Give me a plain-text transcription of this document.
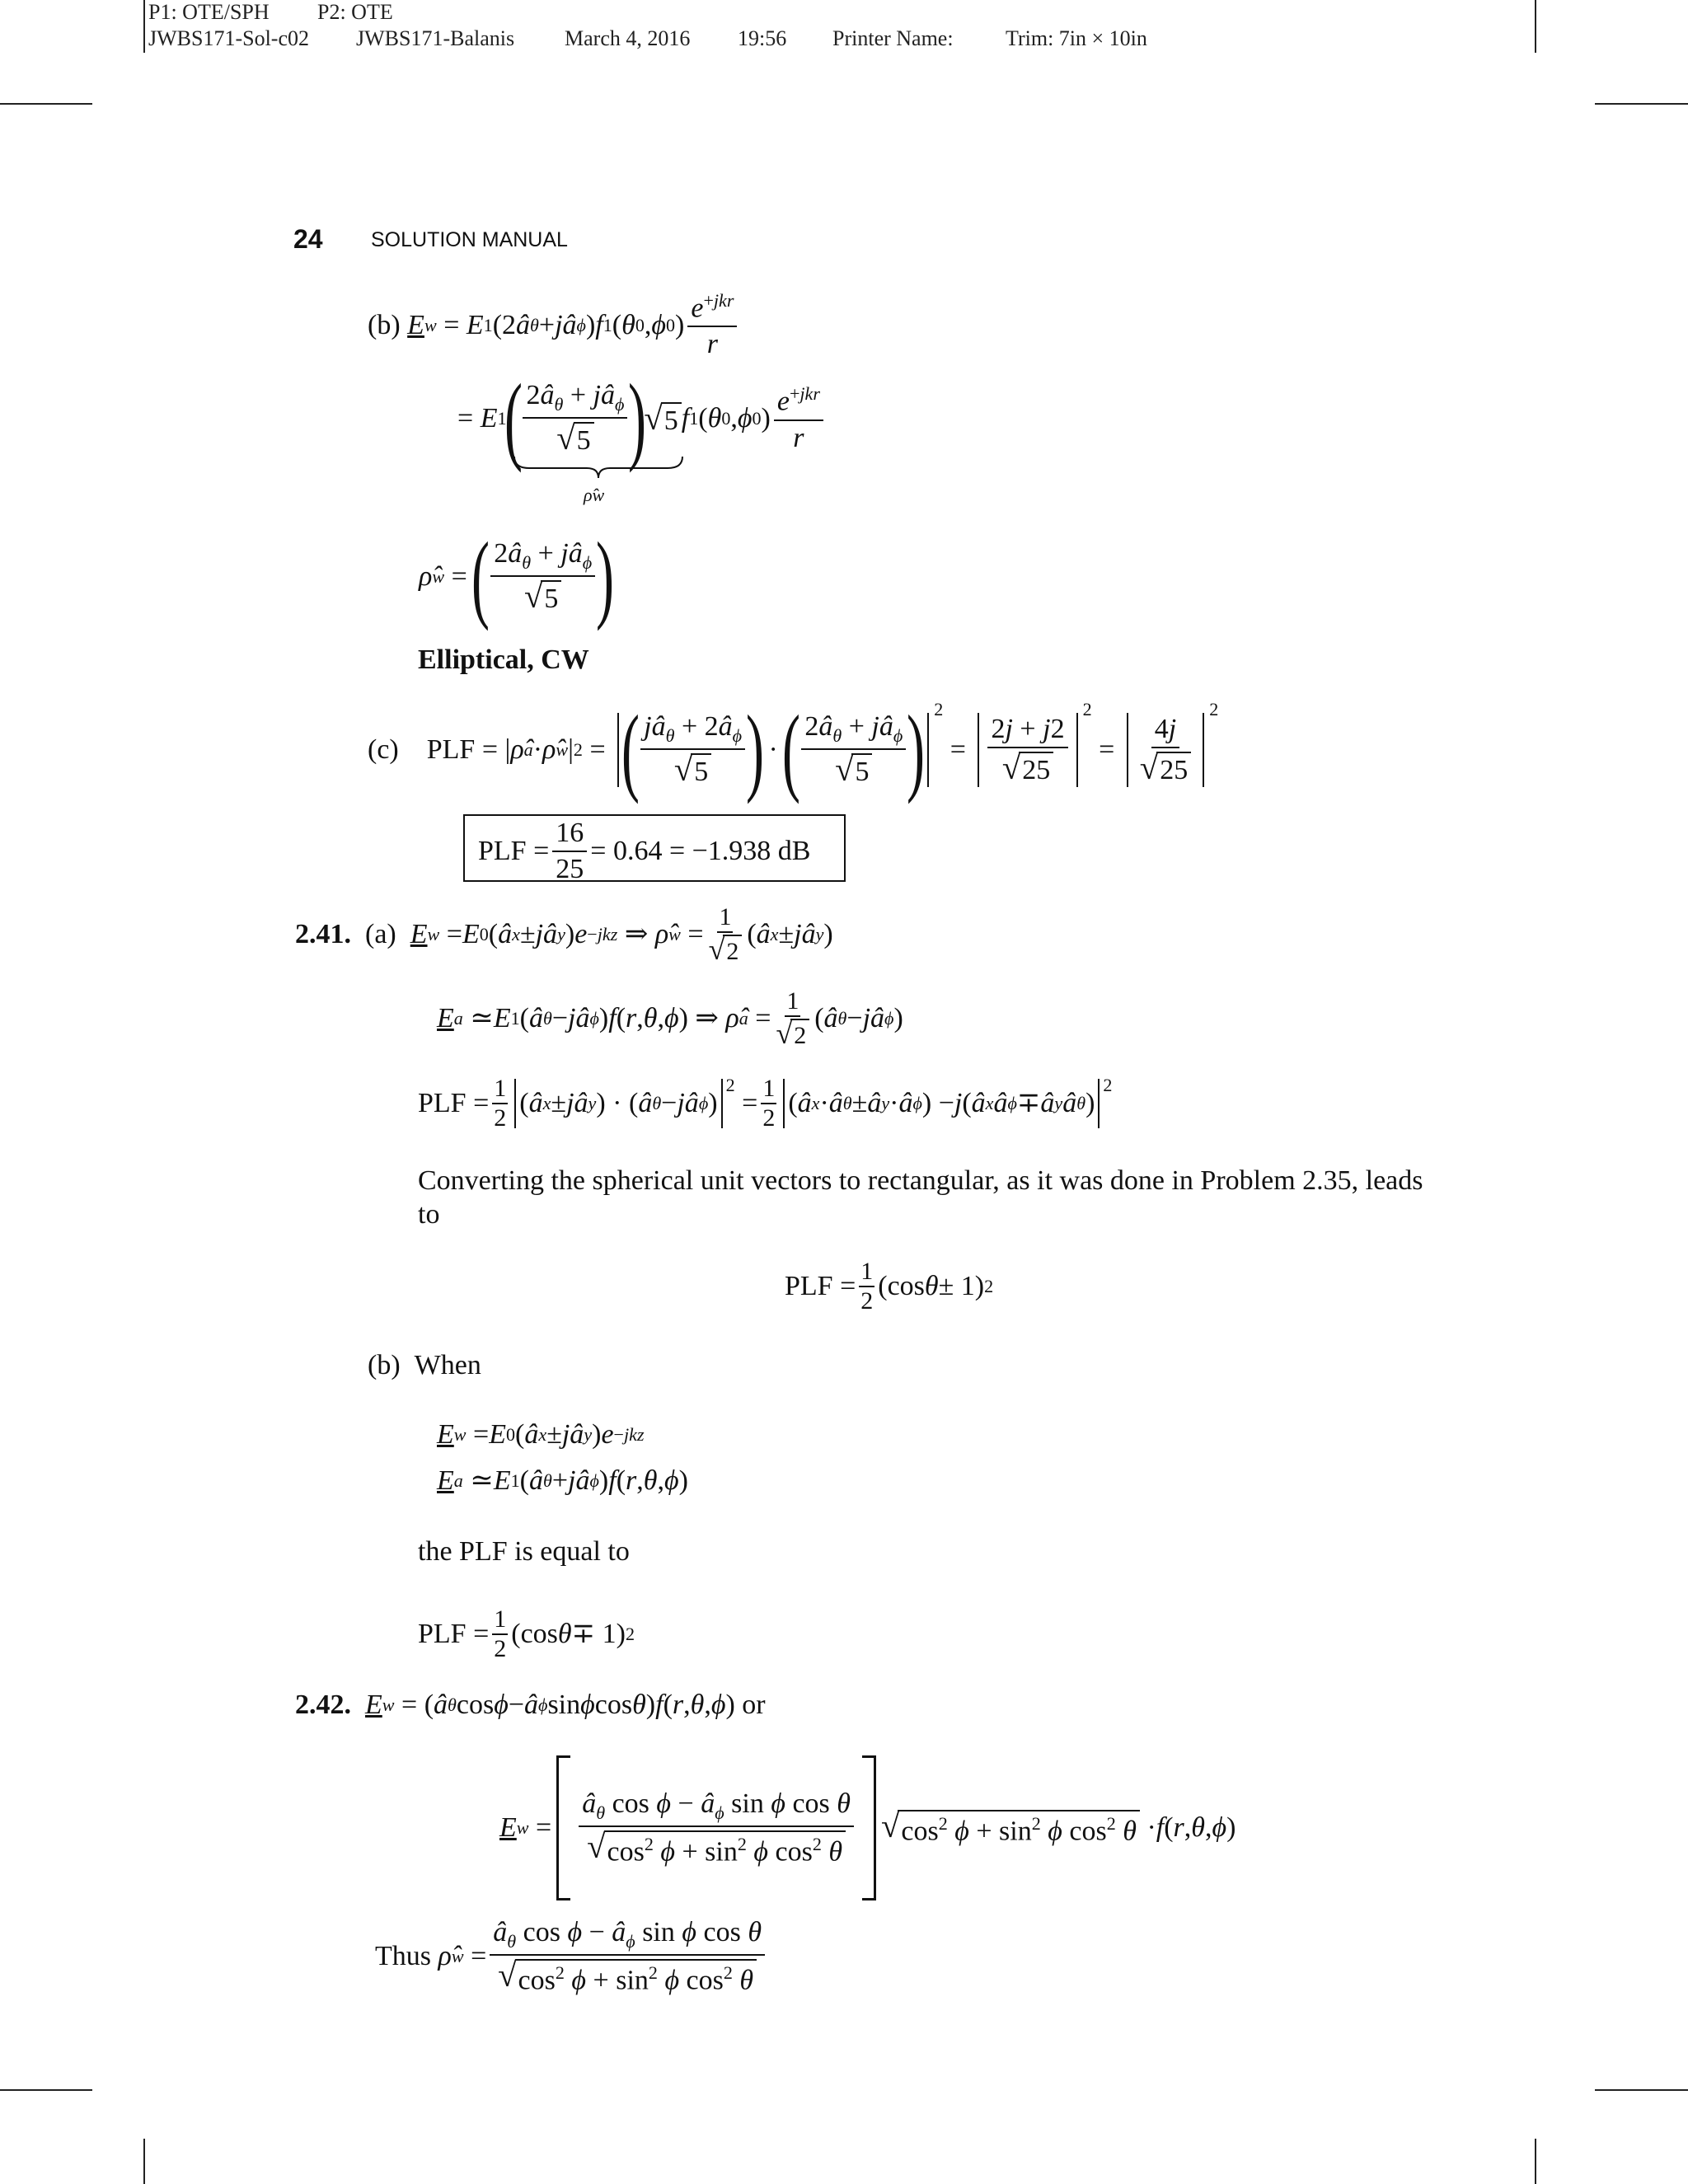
P1: OTE/SPH P2: OTE
JWBS171-Sol-c02 JWBS171-Balanis March 4, 2016 19:56 Printer Name: Trim: 7in × 10in
24 SOLUTION MANUAL
(b)
E w = E 1 (2 â θ + jâ ϕ ) f 1 ( θ 0 , ϕ 0 ) $\frac{e^{+jkr}}{r}$
= E 1
( $\frac{2â_\theta + jâ_\phi}{√ 5}$ )
√ 5 f 1 ( θ 0 , ϕ 0 ) $\frac{e^{+jkr}}{r}$
ρ̂w
ρ̂ w =
( $\frac{2â_\theta + jâ_\phi}{√ 5}$ )
Elliptical, CW
(c) PLF = | ρ̂ a · ρ̂ w | 2 = ( $\frac{jâ_\theta + 2â_\phi}{√ 5}$ )
·
( $\frac{2â_\theta + jâ_\phi}{√ 5}$ ) $^2$
= $\frac{2j + j2}{√ 25}$
$^2$
= $\frac{4j}{√ 25}$
$^2$
PLF = $\frac{16}{25} = 0.64 = -1.938$ dB
2.41.
(a)
E w = E 0 ( â x ± jâ y ) e −jkz ⇒ ρ̂ $w = \frac{1}{√ 2}$ ( â x ± jâ y )
E a ≃ E 1 ( â θ − jâ ϕ ) f ( r , θ , ϕ ) ⇒ ρ̂ $a = \frac{1}{√ 2}$ ( â θ − jâ ϕ )
PLF = $\frac{1}{2}$ ( â x ± jâ y ) · ( â θ − jâ ϕ )
$^2$
= $\frac{1}{2}$ ( â x · â θ ± â y · â ϕ ) − j ( â x â ϕ ∓ â y â θ )
$^2$
Converting the spherical unit vectors to rectangular, as it was done in Problem 2.35, leads
to
PLF = $\frac{1}{2} (\cos$ θ ± 1) 2
(b) When
E w = E 0 ( â x ± jâ y ) e −jkz
E a ≃ E 1 ( â θ + jâ ϕ ) f ( r , θ , ϕ )
the PLF is equal to
PLF = $\frac{1}{2} (\cos$ θ ∓ 1) 2
2.42.
E w = ( â θ cos ϕ − â ϕ sin ϕ cos θ ) f ( r , θ , ϕ ) or
E $w = \frac{â_\theta \cos \phi - â_\phi \sin \phi \cos \theta}{√ \cos^2 \phi + \sin^2 \phi \cos^2 \theta}$ √ $\cos^2 \phi + \sin^2 \phi$ $\cos^2 \theta \cdot f$ ( r , θ , ϕ )
Thus
ρ̂ $w = \frac{â_\theta \cos \phi - â_\phi \sin \phi \cos \theta}{√ \cos^2 \phi + \sin^2 \phi \cos^2 \theta}$
